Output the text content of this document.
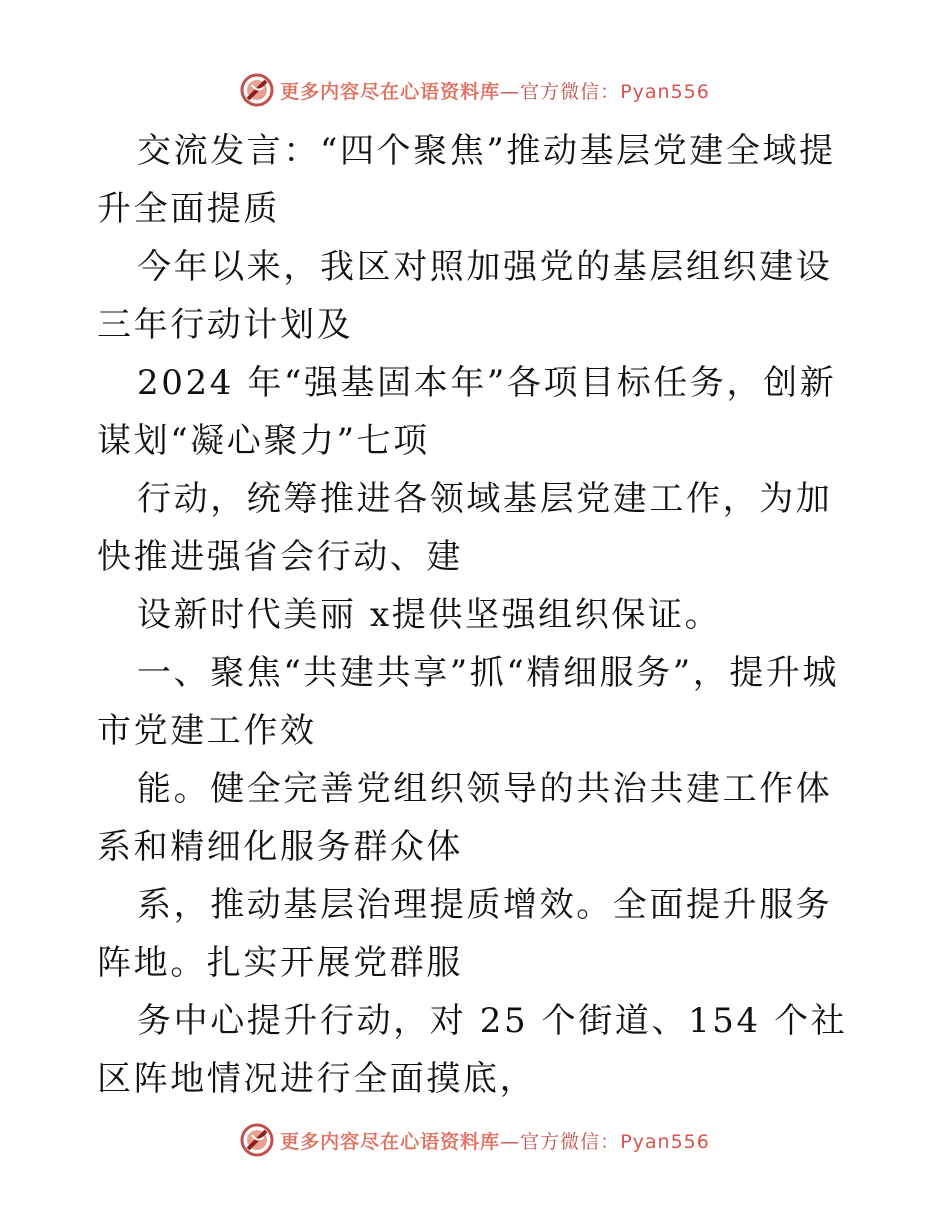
更多内容尽在心语资料库—官方微信：Pyan556

交流发言：“四个聚焦”推动基层党建全域提升全面提质

今年以来，我区对照加强党的基层组织建设三年行动计划及

2024 年“强基固本年”各项目标任务，创新谋划“凝心聚力”七项

行动，统筹推进各领域基层党建工作，为加快推进强省会行动、建

设新时代美丽 x提供坚强组织保证。

一、聚焦“共建共享”抓“精细服务”，提升城市党建工作效

能。健全完善党组织领导的共治共建工作体系和精细化服务群众体

系，推动基层治理提质增效。全面提升服务阵地。扎实开展党群服

务中心提升行动，对 25 个街道、154 个社区阵地情况进行全面摸底，

更多内容尽在心语资料库—官方微信：Pyan556
